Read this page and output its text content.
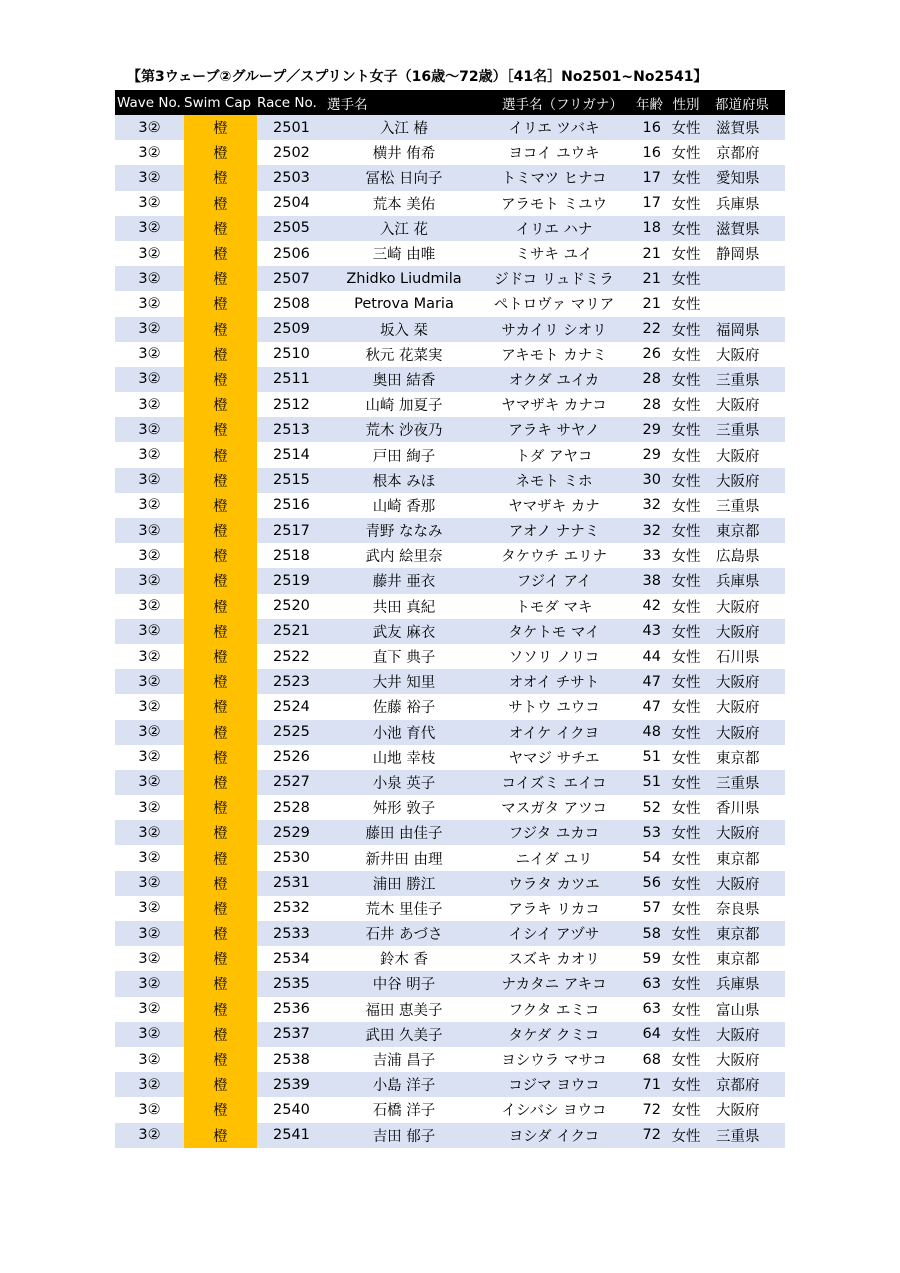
【第3ウェーブ②グループ／スプリント女子（16歳～72歳）［41名］No2501~No2541】
Wave No.	Swim Cap	Race No.	選手名	選手名（フリガナ）	年齢	性別	都道府県
3②	橙	2501	入江 椿	イリエ ツバキ	16	女性	滋賀県
3②	橙	2502	横井 侑希	ヨコイ ユウキ	16	女性	京都府
3②	橙	2503	冨松 日向子	トミマツ ヒナコ	17	女性	愛知県
3②	橙	2504	荒本 美佑	アラモト ミユウ	17	女性	兵庫県
3②	橙	2505	入江 花	イリエ ハナ	18	女性	滋賀県
3②	橙	2506	三崎 由唯	ミサキ ユイ	21	女性	静岡県
3②	橙	2507	Zhidko Liudmila	ジドコ リュドミラ	21	女性	
3②	橙	2508	Petrova Maria	ペトロヴァ マリア	21	女性	
3②	橙	2509	坂入 栞	サカイリ シオリ	22	女性	福岡県
3②	橙	2510	秋元 花菜実	アキモト カナミ	26	女性	大阪府
3②	橙	2511	奥田 結香	オクダ ユイカ	28	女性	三重県
3②	橙	2512	山崎 加夏子	ヤマザキ カナコ	28	女性	大阪府
3②	橙	2513	荒木 沙夜乃	アラキ サヤノ	29	女性	三重県
3②	橙	2514	戸田 絢子	トダ アヤコ	29	女性	大阪府
3②	橙	2515	根本 みほ	ネモト ミホ	30	女性	大阪府
3②	橙	2516	山崎 香那	ヤマザキ カナ	32	女性	三重県
3②	橙	2517	青野 ななみ	アオノ ナナミ	32	女性	東京都
3②	橙	2518	武内 絵里奈	タケウチ エリナ	33	女性	広島県
3②	橙	2519	藤井 亜衣	フジイ アイ	38	女性	兵庫県
3②	橙	2520	共田 真紀	トモダ マキ	42	女性	大阪府
3②	橙	2521	武友 麻衣	タケトモ マイ	43	女性	大阪府
3②	橙	2522	直下 典子	ソソリ ノリコ	44	女性	石川県
3②	橙	2523	大井 知里	オオイ チサト	47	女性	大阪府
3②	橙	2524	佐藤 裕子	サトウ ユウコ	47	女性	大阪府
3②	橙	2525	小池 育代	オイケ イクヨ	48	女性	大阪府
3②	橙	2526	山地 幸枝	ヤマジ サチエ	51	女性	東京都
3②	橙	2527	小泉 英子	コイズミ エイコ	51	女性	三重県
3②	橙	2528	舛形 敦子	マスガタ アツコ	52	女性	香川県
3②	橙	2529	藤田 由佳子	フジタ ユカコ	53	女性	大阪府
3②	橙	2530	新井田 由理	ニイダ ユリ	54	女性	東京都
3②	橙	2531	浦田 勝江	ウラタ カツエ	56	女性	大阪府
3②	橙	2532	荒木 里佳子	アラキ リカコ	57	女性	奈良県
3②	橙	2533	石井 あづさ	イシイ アヅサ	58	女性	東京都
3②	橙	2534	鈴木 香	スズキ カオリ	59	女性	東京都
3②	橙	2535	中谷 明子	ナカタニ アキコ	63	女性	兵庫県
3②	橙	2536	福田 恵美子	フクタ エミコ	63	女性	富山県
3②	橙	2537	武田 久美子	タケダ クミコ	64	女性	大阪府
3②	橙	2538	吉浦 昌子	ヨシウラ マサコ	68	女性	大阪府
3②	橙	2539	小島 洋子	コジマ ヨウコ	71	女性	京都府
3②	橙	2540	石橋 洋子	イシバシ ヨウコ	72	女性	大阪府
3②	橙	2541	吉田 郁子	ヨシダ イクコ	72	女性	三重県
